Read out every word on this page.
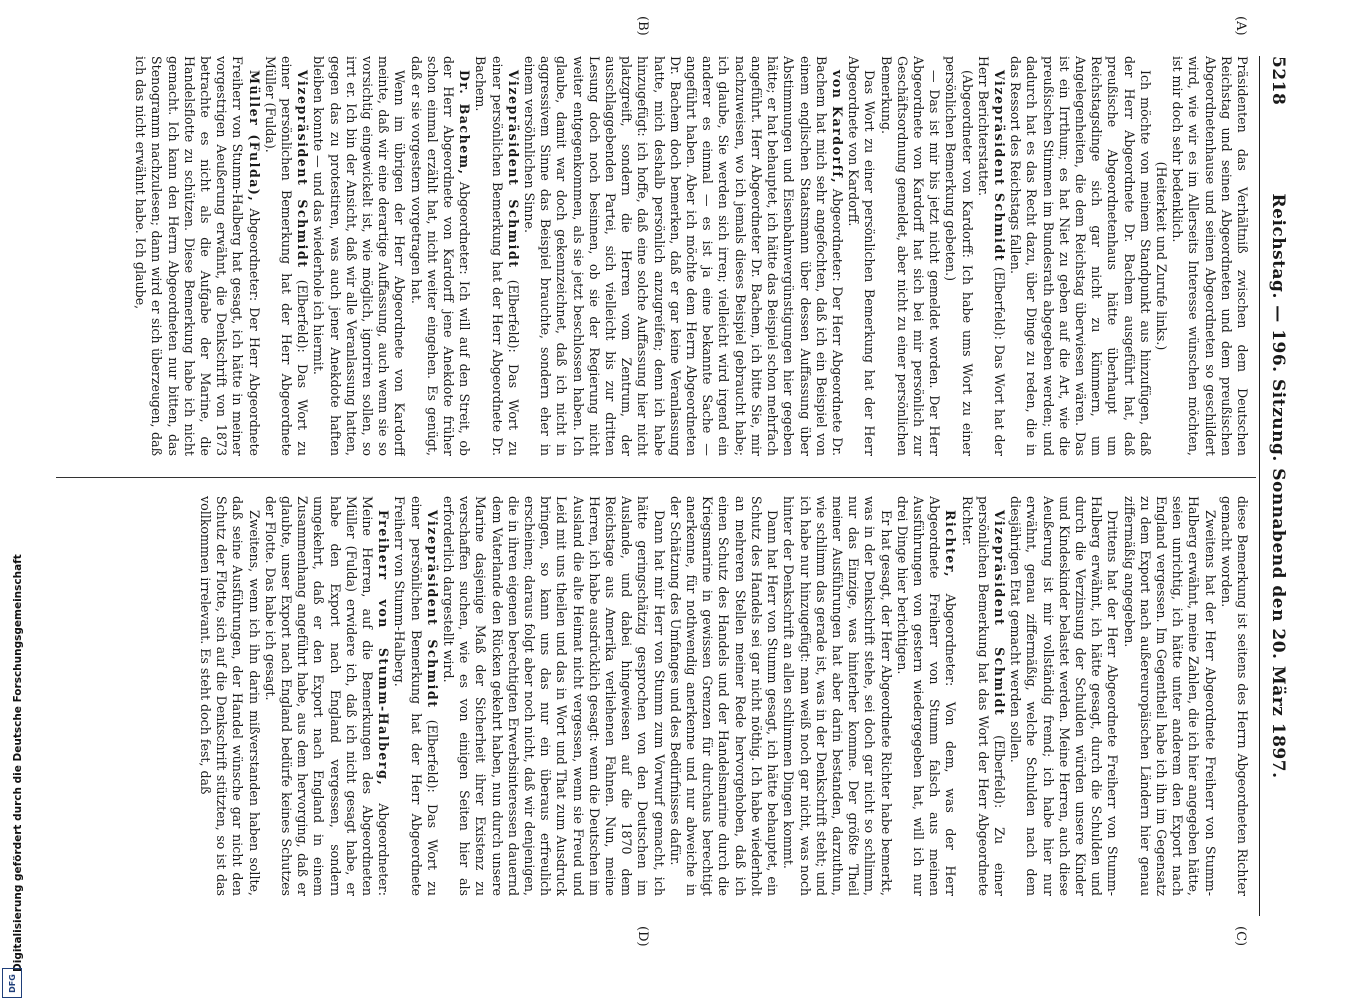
Digitalisierung gefördert durch die Deutsche Forschungsgemeinschaft
DFG
5218
Reichstag. — 196. Sitzung. Sonnabend den 20. März 1897.
(A)
(B)
(C)
(D)

Präsidenten das Verhältniß zwischen dem Deutschen Reichstag und seinen Abgeordneten und dem preußischen Abgeordnetenhause und seinen Abgeordneten so geschildert wird, wie wir es im Allerseits Interesse wünschen möchten, ist mir doch sehr bedenklich.

(Heiterkeit und Zurufe links.)

Ich möchte von meinem Standpunkt aus hinzufügen, daß der Herr Abgeordnete Dr. Bachem ausgeführt hat, daß preußische Abgeordnetenhaus hätte überhaupt um Reichstagsdinge sich gar nicht zu kümmern, um Angelegenheiten, die dem Reichstag überwiesen wären. Das ist ein Irrthum; es hat Niet zu geben auf die Art, wie die preußischen Stimmen im Bundesrath abgegeben werden; und dadurch hat es das Recht dazu, über Dinge zu reden, die in das Ressort des Reichstags fallen.

Vizepräsident Schmidt (Elberfeld): Das Wort hat der Herr Berichterstatter.

(Abgeordneter von Kardorff: Ich habe ums Wort zu einer persönlichen Bemerkung gebeten.)

— Das ist mir bis jetzt nicht gemeldet worden. Der Herr Abgeordnete von Kardorff hat sich bei mir persönlich zur Geschäftsordnung gemeldet, aber nicht zu einer persönlichen Bemerkung.

Das Wort zu einer persönlichen Bemerkung hat der Herr Abgeordnete von Kardorff.

von Kardorff, Abgeordneter: Der Herr Abgeordnete Dr. Bachem hat mich sehr angefochten, daß ich ein Beispiel von einem englischen Staatsmann über dessen Auffassung über Abstimmungen und Eisenbahnvergünstigungen hier gegeben hätte; er hat behauptet, ich hätte das Beispiel schon mehrfach angeführt. Herr Abgeordneter Dr. Bachem, ich bitte Sie, mir nachzuweisen, wo ich jemals dieses Beispiel gebraucht habe; ich glaube, Sie werden sich irren; vielleicht wird irgend ein anderer es einmal — es ist ja eine bekannte Sache — angeführt haben. Aber ich möchte dem Herrn Abgeordneten Dr. Bachem doch bemerken, daß er gar keine Veranlassung hatte, mich deshalb persönlich anzugreifen; denn ich habe hinzugefügt: ich hoffe, daß eine solche Auffassung hier nicht platzgreift, sondern die Herren vom Zentrum, der ausschlaggebenden Partei, sich vielleicht bis zur dritten Lesung doch noch besinnen, ob sie der Regierung nicht weiter entgegenkommen, als sie jetzt beschlossen haben. Ich glaube, damit war doch gekennzeichnet, daß ich nicht in aggressivem Sinne das Beispiel brauchte, sondern eher in einem versöhnlichen Sinne.

Vizepräsident Schmidt (Elberfeld): Das Wort zu einer persönlichen Bemerkung hat der Herr Abgeordnete Dr. Bachem.

Dr. Bachem, Abgeordneter: Ich will auf den Streit, ob der Herr Abgeordnete von Kardorff jene Anekdote früher schon einmal erzählt hat, nicht weiter eingehen. Es genügt, daß er sie vorgestern vorgetragen hat.

Wenn im übrigen der Herr Abgeordnete von Kardorff meinte, daß wir eine derartige Auffassung, auch wenn sie so vorsichtig eingewickelt ist, wie möglich, ignoriren sollen, so irrt er. Ich bin der Ansicht, daß wir alle Veranlassung hatten, gegen das zu protestiren, was auch jener Anekdote haften bleiben konnte — und das wiederhole ich hiermit.

Vizepräsident Schmidt (Elberfeld): Das Wort zu einer persönlichen Bemerkung hat der Herr Abgeordnete Müller (Fulda).

Müller (Fulda), Abgeordneter: Der Herr Abgeordnete Freiherr von Stumm-Halberg hat gesagt, ich hätte in meiner vorgestrigen Aeußerung erwähnt, die Denkschrift von 1873 betrachte es nicht als die Aufgabe der Marine, die Handelsflotte zu schützen. Diese Bemerkung habe ich nicht gemacht. Ich kann den Herrn Abgeordneten nur bitten, das Stenogramm nachzulesen; dann wird er sich überzeugen, daß ich das nicht erwähnt habe. Ich glaube,

diese Bemerkung ist seitens des Herrn Abgeordneten Richter gemacht worden.

Zweitens hat der Herr Abgeordnete Freiherr von Stumm-Halberg erwähnt, meine Zahlen, die ich hier angegeben hätte, seien unrichtig, ich hätte unter anderem den Export nach England vergessen. Im Gegentheil habe ich ihn im Gegensatz zu dem Export nach außereuropäischen Ländern hier genau ziffermäßig angegeben.

Drittens hat der Herr Abgeordnete Freiherr von Stumm-Halberg erwähnt, ich hätte gesagt, durch die Schulden und durch die Verzinsung der Schulden würden unsere Kinder und Kindeskinder belastet werden. Meine Herren, auch diese Aeußerung ist mir vollständig fremd; ich habe hier nur erwähnt, genau ziffermäßig, welche Schulden nach dem diesjährigen Etat gemacht werden sollen.

Vizepräsident Schmidt (Elberfeld): Zu einer persönlichen Bemerkung hat das Wort der Herr Abgeordnete Richter.

Richter, Abgeordneter: Von dem, was der Herr Abgeordnete Freiherr von Stumm falsch aus meinen Ausführungen von gestern wiedergegeben hat, will ich nur drei Dinge hier berichtigen.

Er hat gesagt, der Herr Abgeordnete Richter habe bemerkt, was in der Denkschrift stehe, sei doch gar nicht so schlimm, nur das Einzige, was hinterher komme. Der größte Theil meiner Ausführungen hat aber darin bestanden, darzuthun, wie schlimm das gerade ist, was in der Denkschrift steht; und ich habe nur hinzugefügt: man weiß noch gar nicht, was noch hinter der Denkschrift an allen schlimmen Dingen kommt.

Dann hat Herr von Stumm gesagt, ich hätte behauptet, ein Schutz des Handels sei gar nicht nöthig. Ich habe wiederholt an mehreren Stellen meiner Rede hervorgehoben, daß ich einen Schutz des Handels und der Handelsmarine durch die Kriegsmarine in gewissen Grenzen für durchaus berechtigt anerkenne, für nothwendig anerkenne und nur abweiche in der Schätzung des Umfanges und des Bedürfnisses dafür.

Dann hat mir Herr von Stumm zum Vorwurf gemacht, ich hätte geringschätzig gesprochen von den Deutschen im Auslande, und dabei hingewiesen auf die 1870 dem Reichstage aus Amerika verliehenen Fahnen. Nun, meine Herren, ich habe ausdrücklich gesagt: wenn die Deutschen im Ausland die alte Heimat nicht vergessen, wenn sie Freud und Leid mit uns theilen und das in Wort und That zum Ausdruck bringen, so kann uns das nur ein überaus erfreulich erscheinen; daraus folgt aber noch nicht, daß wir denjenigen, die in ihren eigenen berechtigten Erwerbsinteressen dauernd dem Vaterlande den Rücken gekehrt haben, nun durch unsere Marine dasjenige Maß der Sicherheit ihrer Existenz zu verschaffen suchen, wie es von einigen Seiten hier als erforderlich dargestellt wird.

Vizepräsident Schmidt (Elberfeld): Das Wort zu einer persönlichen Bemerkung hat der Herr Abgeordnete Freiherr von Stumm-Halberg.

Freiherr von Stumm-Halberg, Abgeordneter: Meine Herren, auf die Bemerkungen des Abgeordneten Müller (Fulda) erwidere ich, daß ich nicht gesagt habe, er habe den Export nach England vergessen, sondern umgekehrt, daß er den Export nach England in einem Zusammenhang angeführt habe, aus dem hervorging, daß er glaubte, unser Export nach England bedürfe keines Schutzes der Flotte. Das habe ich gesagt.

Zweitens, wenn ich ihn darin mißverstanden haben sollte, daß seine Ausführungen, der Handel wünsche gar nicht den Schutz der Flotte, sich auf die Denkschrift stützten, so ist das vollkommen irrelevant. Es steht doch fest, daß
